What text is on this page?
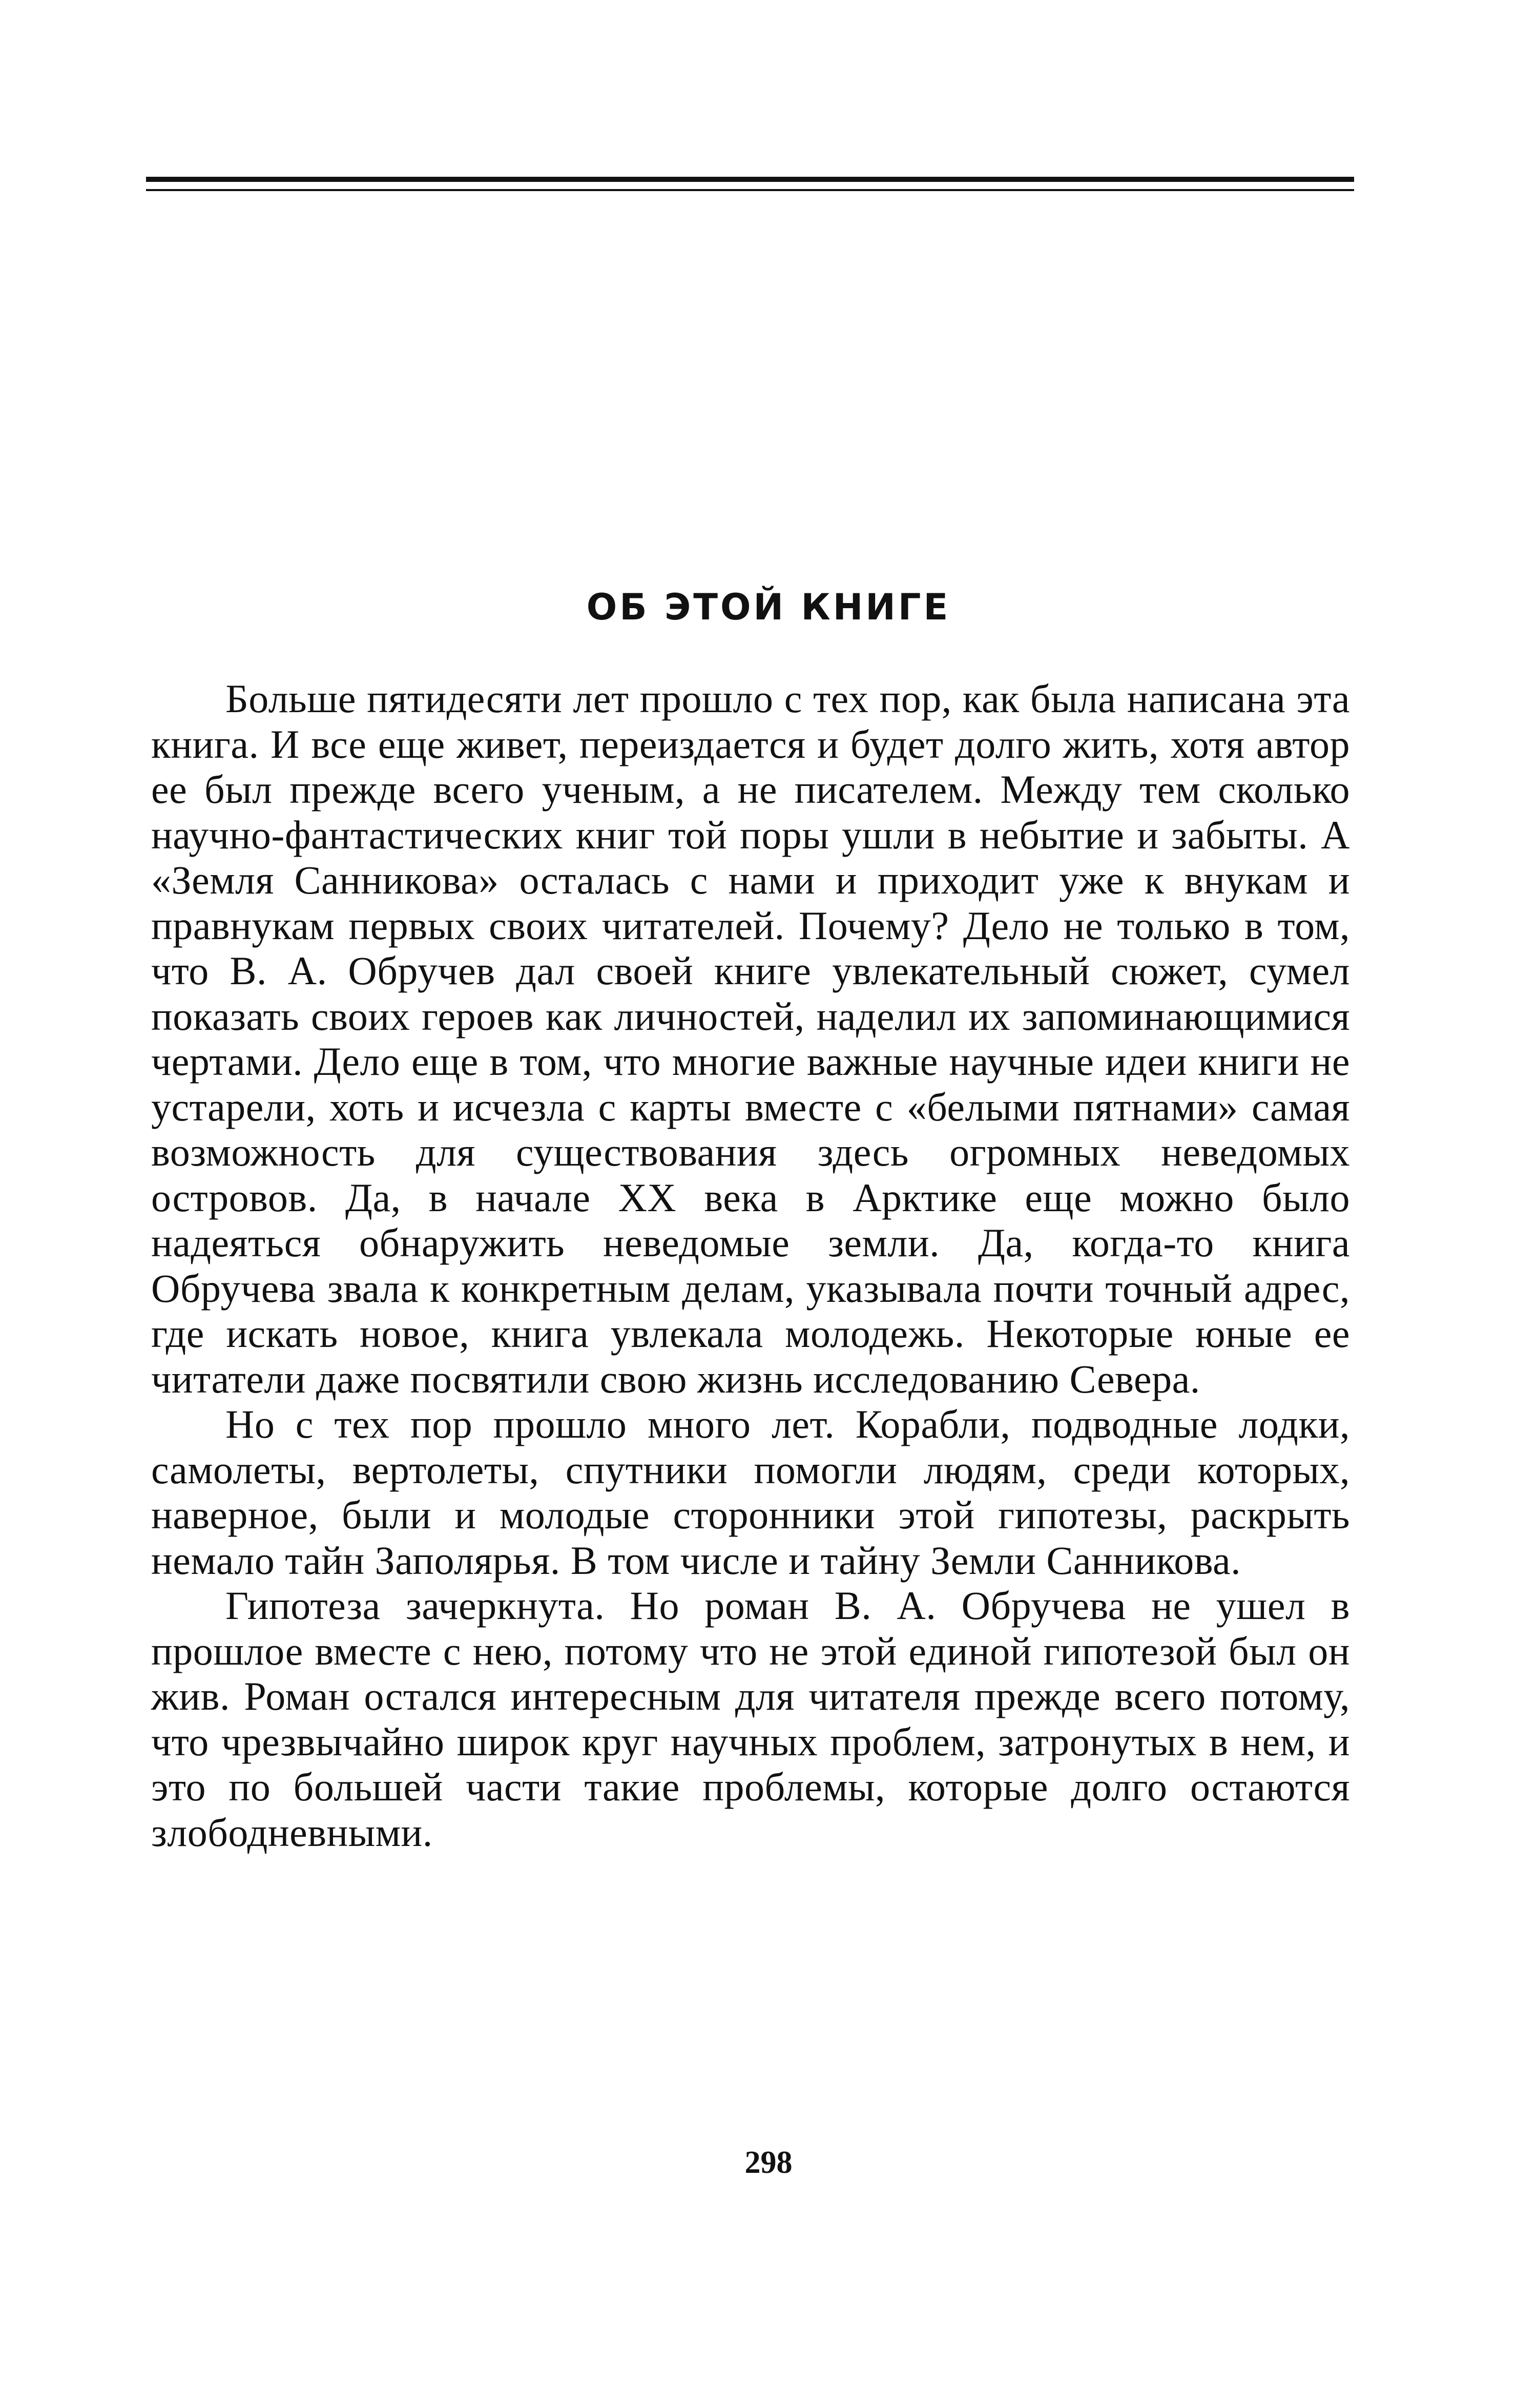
ОБ ЭТОЙ КНИГЕ

Больше пятидесяти лет прошло с тех пор, как была написана эта книга. И все еще живет, переиздается и будет долго жить, хотя автор ее был прежде всего ученым, а не писателем. Между тем сколько научно-фантастических книг той поры ушли в небытие и забыты. А «Земля Санникова» осталась с нами и приходит уже к внукам и правнукам первых своих читателей. Почему? Дело не только в том, что В. А. Обручев дал своей книге увлекательный сюжет, сумел показать своих героев как личностей, наделил их запоминающимися чертами. Дело еще в том, что многие важные научные идеи книги не устарели, хоть и исчезла с карты вместе с «белыми пятнами» самая возможность для существования здесь огромных неведомых островов. Да, в начале XX века в Арктике еще можно было надеяться обнаружить неведомые земли. Да, когда-то книга Обручева звала к конкретным делам, указывала почти точный адрес, где искать новое, книга увлекала молодежь. Некоторые юные ее читатели даже посвятили свою жизнь исследованию Севера.

Но с тех пор прошло много лет. Корабли, подводные лодки, самолеты, вертолеты, спутники помогли людям, среди которых, наверное, были и молодые сторонники этой гипотезы, раскрыть немало тайн Заполярья. В том числе и тайну Земли Санникова.

Гипотеза зачеркнута. Но роман В. А. Обручева не ушел в прошлое вместе с нею, потому что не этой единой гипотезой был он жив. Роман остался интересным для читателя прежде всего потому, что чрезвычайно широк круг научных проблем, затронутых в нем, и это по большей части такие проблемы, которые долго остаются злободневными.

298
